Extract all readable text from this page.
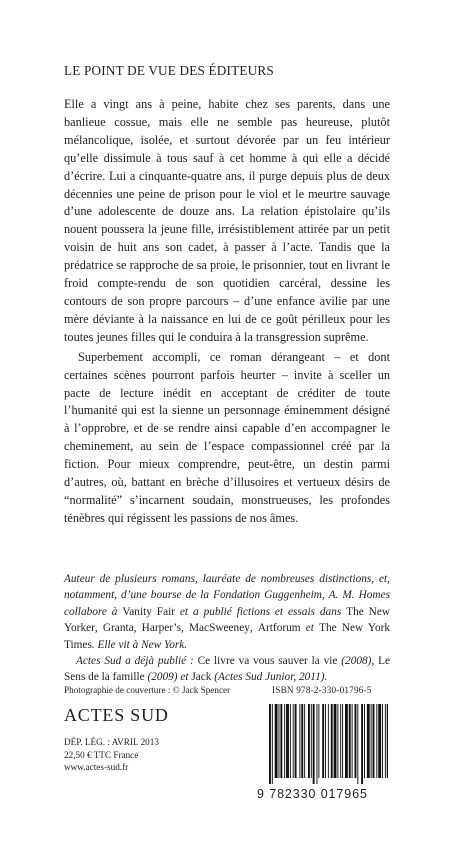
LE POINT DE VUE DES ÉDITEURS

Elle a vingt ans à peine, habite chez ses parents, dans une banlieue cossue, mais elle ne semble pas heureuse, plutôt mélancolique, isolée, et surtout dévorée par un feu intérieur qu’elle dissimule à tous sauf à cet homme à qui elle a décidé d’écrire. Lui a cinquante-quatre ans, il purge depuis plus de deux décennies une peine de prison pour le viol et le meurtre sauvage d’une adolescente de douze ans. La relation épistolaire qu’ils nouent poussera la jeune fille, irrésistiblement attirée par un petit voisin de huit ans son cadet, à passer à l’acte. Tandis que la prédatrice se rapproche de sa proie, le prisonnier, tout en livrant le froid compte-rendu de son quotidien carcéral, dessine les contours de son propre parcours – d’une enfance avilie par une mère déviante à la naissance en lui de ce goût périlleux pour les toutes jeunes filles qui le conduira à la transgression suprême.

Superbement accompli, ce roman dérangeant – et dont certaines scènes pourront parfois heurter – invite à sceller un pacte de lecture inédit en acceptant de créditer de toute l’humanité qui est la sienne un personnage éminemment désigné à l’opprobre, et de se rendre ainsi capable d’en accompagner le cheminement, au sein de l’espace compassionnel créé par la fiction. Pour mieux comprendre, peut-être, un destin parmi d’autres, où, battant en brèche d’illusoires et vertueux désirs de “normalité” s’incarnent soudain, monstrueuses, les profondes ténèbres qui régissent les passions de nos âmes.

Auteur de plusieurs romans, lauréate de nombreuses distinctions, et, notamment, d’une bourse de la Fondation Guggenheim, A. M. Homes collabore à Vanity Fair et a publié fictions et essais dans The New Yorker, Granta, Harper’s, MacSweeney, Artforum et The New York Times. Elle vit à New York.

Actes Sud a déjà publié : Ce livre va vous sauver la vie (2008), Le Sens de la famille (2009) et Jack (Actes Sud Junior, 2011).

Photographie de couverture : © Jack Spencer	ISBN 978-2-330-01796-5
ACTES SUD
DÉP. LÉG. : AVRIL 2013
22,50 € TTC France
www.actes-sud.fr
9 782330 017965
